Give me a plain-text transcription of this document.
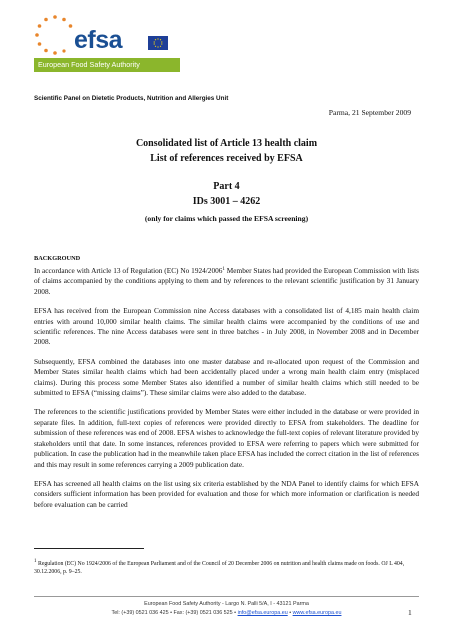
efsa
European Food Safety Authority
Scientific Panel on Dietetic Products, Nutrition and Allergies Unit
Parma, 21 September 2009
Consolidated list of Article 13 health claim
List of references received by EFSA
Part 4
IDs 3001 – 4262
(only for claims which passed the EFSA screening)
BACKGROUND

In accordance with Article 13 of Regulation (EC) No 1924/2006$^1$ Member States had provided the European Commission with lists of claims accompanied by the conditions applying to them and by references to the relevant scientific justification by 31 January 2008.

EFSA has received from the European Commission nine Access databases with a consolidated list of 4,185 main health claim entries with around 10,000 similar health claims. The similar health claims were accompanied by the conditions of use and scientific references. The nine Access databases were sent in three batches - in July 2008, in November 2008 and in December 2008.

Subsequently, EFSA combined the databases into one master database and re-allocated upon request of the Commission and Member States similar health claims which had been accidentally placed under a wrong main health claim entry (misplaced claims). During this process some Member States also identified a number of similar health claims which still needed to be submitted to EFSA (“missing claims”). These similar claims were also added to the database.

The references to the scientific justifications provided by Member States were either included in the database or were provided in separate files. In addition, full-text copies of references were provided directly to EFSA from stakeholders. The deadline for submission of these references was end of 2008. EFSA wishes to acknowledge the full-text copies of relevant literature provided by stakeholders until that date. In some instances, references provided to EFSA were referring to papers which were submitted for publication. In case the publication had in the meanwhile taken place EFSA has included the correct citation in the list of references and this may result in some references carrying a 2009 publication date.

EFSA has screened all health claims on the list using six criteria established by the NDA Panel to identify claims for which EFSA considers sufficient information has been provided for evaluation and those for which more information or clarification is needed before evaluation can be carried

$^1$ Regulation (EC) No 1924/2006 of the European Parliament and of the Council of 20 December 2006 on nutrition and health claims made on foods. OJ L 404, 30.12.2006, p. 9–25.
European Food Safety Authority - Largo N. Palli 5/A, I - 43121 Parma
Tel: (+39) 0521 036 425 • Fax: (+39) 0521 036 525 • info@efsa.europa.eu • www.efsa.europa.eu	1
